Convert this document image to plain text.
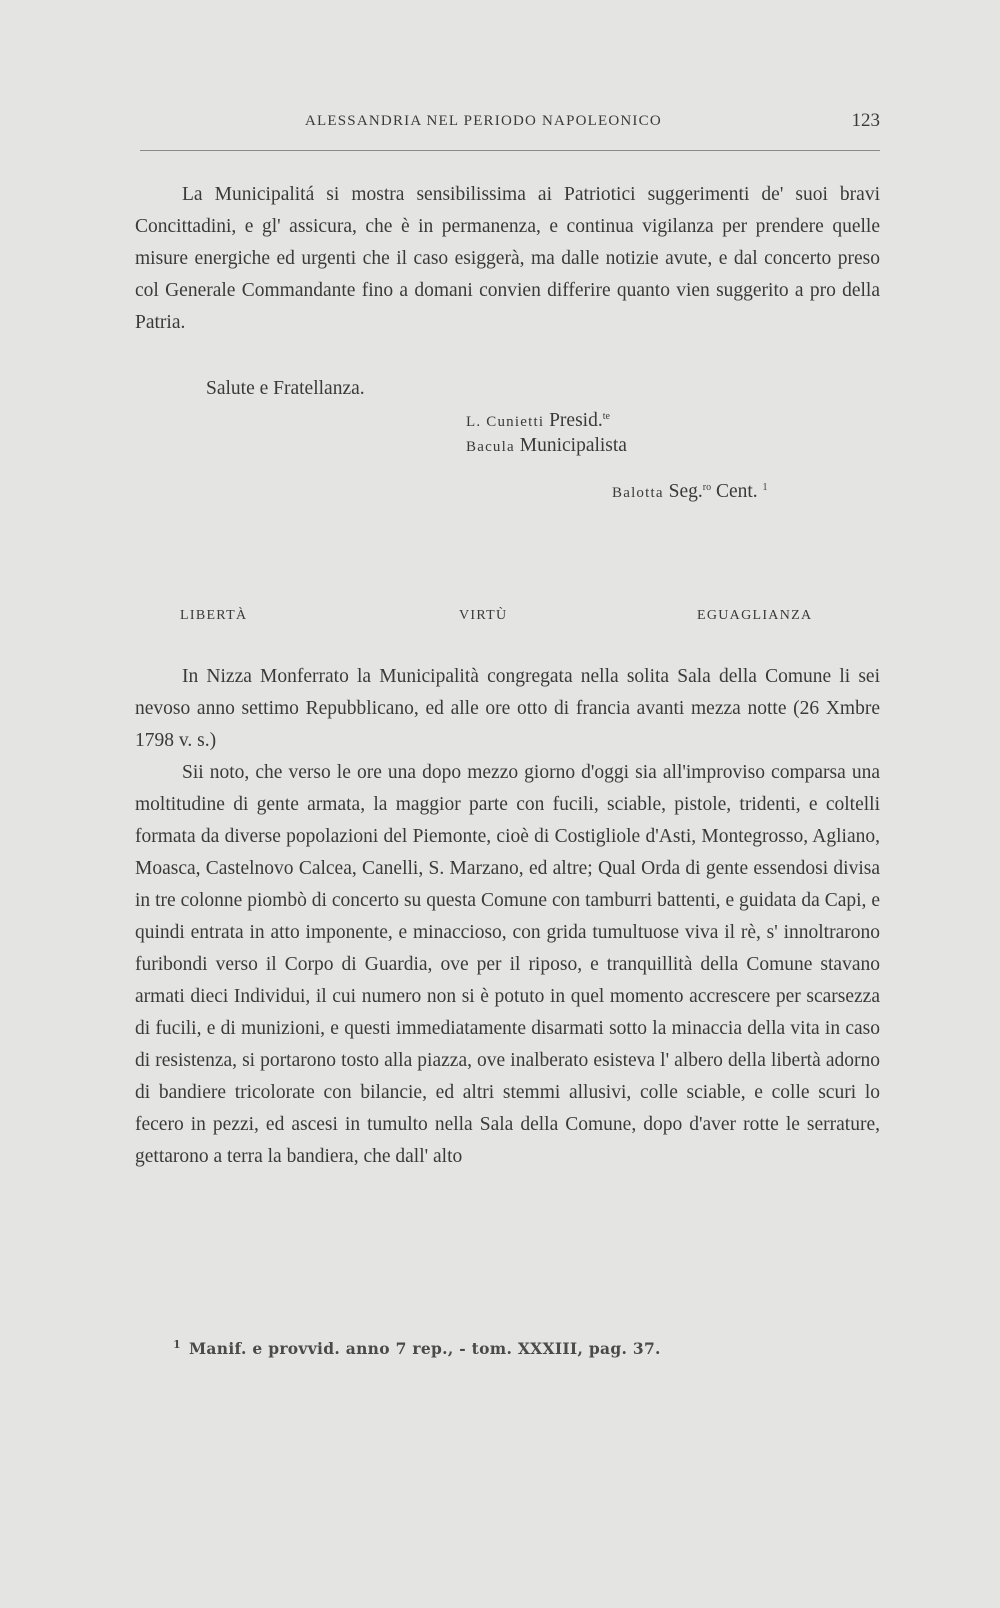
ALESSANDRIA NEL PERIODO NAPOLEONICO	123

La Municipalitá si mostra sensibilissima ai Patriotici suggerimenti de' suoi bravi Concittadini, e gl' assicura, che è in permanenza, e continua vigilanza per prendere quelle misure energiche ed urgenti che il caso esiggerà, ma dalle notizie avute, e dal concerto preso col Generale Commandante fino a domani convien differire quanto vien suggerito a pro della Patria.

Salute e Fratellanza.
L. Cunietti Presid.$^{te}$
Bacula Municipalista
Balotta Seg.$^{ro}$ Cent. $^1$
LIBERTÀ	VIRTÙ	EGUAGLIANZA

In Nizza Monferrato la Municipalità congregata nella solita Sala della Comune li sei nevoso anno settimo Repubblicano, ed alle ore otto di francia avanti mezza notte (26 Xmbre 1798 v. s.)

Sii noto, che verso le ore una dopo mezzo giorno d'oggi sia all'improviso comparsa una moltitudine di gente armata, la maggior parte con fucili, sciable, pistole, tridenti, e coltelli formata da diverse popolazioni del Piemonte, cioè di Costigliole d'Asti, Montegrosso, Agliano, Moasca, Castelnovo Calcea, Canelli, S. Marzano, ed altre; Qual Orda di gente essendosi divisa in tre colonne piombò di concerto su questa Comune con tamburri battenti, e guidata da Capi, e quindi entrata in atto imponente, e minaccioso, con grida tumultuose viva il rè, s' innoltrarono furibondi verso il Corpo di Guardia, ove per il riposo, e tranquillità della Comune stavano armati dieci Individui, il cui numero non si è potuto in quel momento accrescere per scarsezza di fucili, e di munizioni, e questi immediatamente disarmati sotto la minaccia della vita in caso di resistenza, si portarono tosto alla piazza, ove inalberato esisteva l' albero della libertà adorno di bandiere tricolorate con bilancie, ed altri stemmi allusivi, colle sciable, e colle scuri lo fecero in pezzi, ed ascesi in tumulto nella Sala della Comune, dopo d'aver rotte le serrature, gettarono a terra la bandiera, che dall' alto

$^1$ Manif. e provvid. anno 7 rep., - tom. XXXIII, pag. 37.
